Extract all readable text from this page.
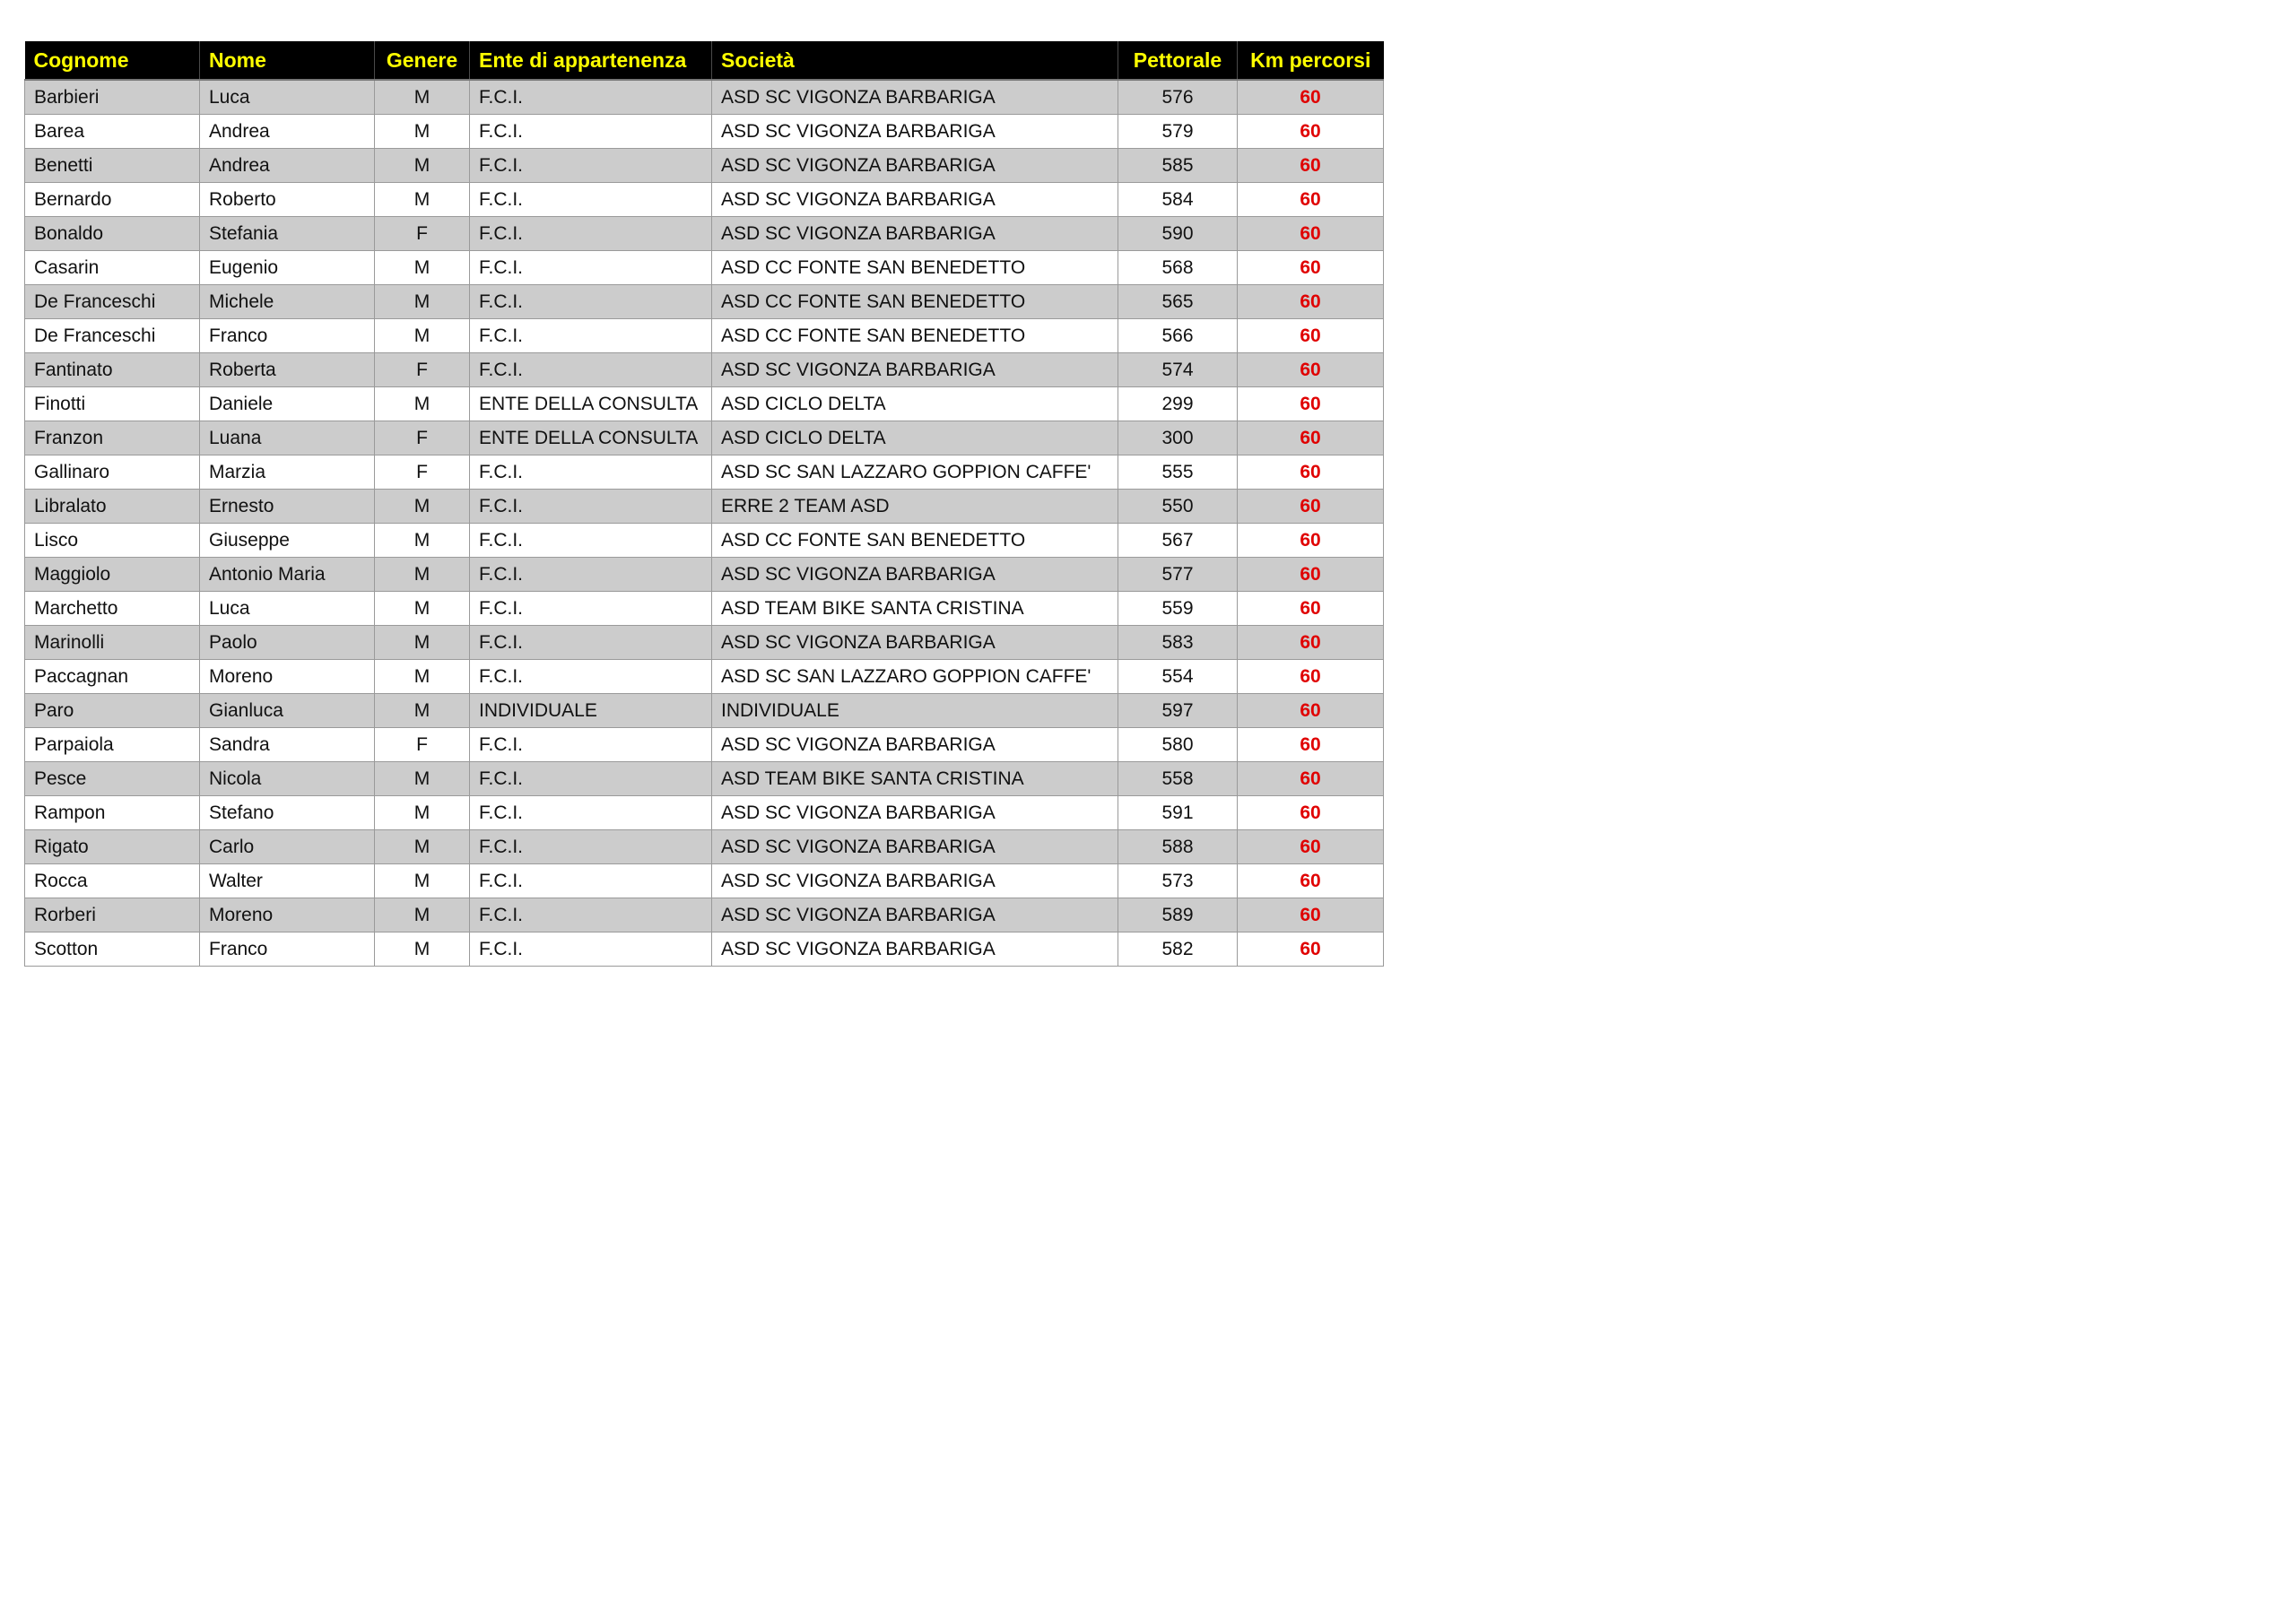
Cognome	Nome	Genere	Ente di appartenenza	Società	Pettorale	Km percorsi
Barbieri	Luca	M	F.C.I.	ASD SC VIGONZA BARBARIGA	576	60
Barea	Andrea	M	F.C.I.	ASD SC VIGONZA BARBARIGA	579	60
Benetti	Andrea	M	F.C.I.	ASD SC VIGONZA BARBARIGA	585	60
Bernardo	Roberto	M	F.C.I.	ASD SC VIGONZA BARBARIGA	584	60
Bonaldo	Stefania	F	F.C.I.	ASD SC VIGONZA BARBARIGA	590	60
Casarin	Eugenio	M	F.C.I.	ASD CC FONTE SAN BENEDETTO	568	60
De Franceschi	Michele	M	F.C.I.	ASD CC FONTE SAN BENEDETTO	565	60
De Franceschi	Franco	M	F.C.I.	ASD CC FONTE SAN BENEDETTO	566	60
Fantinato	Roberta	F	F.C.I.	ASD SC VIGONZA BARBARIGA	574	60
Finotti	Daniele	M	ENTE DELLA CONSULTA	ASD CICLO DELTA	299	60
Franzon	Luana	F	ENTE DELLA CONSULTA	ASD CICLO DELTA	300	60
Gallinaro	Marzia	F	F.C.I.	ASD SC SAN LAZZARO GOPPION CAFFE'	555	60
Libralato	Ernesto	M	F.C.I.	ERRE 2 TEAM ASD	550	60
Lisco	Giuseppe	M	F.C.I.	ASD CC FONTE SAN BENEDETTO	567	60
Maggiolo	Antonio Maria	M	F.C.I.	ASD SC VIGONZA BARBARIGA	577	60
Marchetto	Luca	M	F.C.I.	ASD TEAM BIKE SANTA CRISTINA	559	60
Marinolli	Paolo	M	F.C.I.	ASD SC VIGONZA BARBARIGA	583	60
Paccagnan	Moreno	M	F.C.I.	ASD SC SAN LAZZARO GOPPION CAFFE'	554	60
Paro	Gianluca	M	INDIVIDUALE	INDIVIDUALE	597	60
Parpaiola	Sandra	F	F.C.I.	ASD SC VIGONZA BARBARIGA	580	60
Pesce	Nicola	M	F.C.I.	ASD TEAM BIKE SANTA CRISTINA	558	60
Rampon	Stefano	M	F.C.I.	ASD SC VIGONZA BARBARIGA	591	60
Rigato	Carlo	M	F.C.I.	ASD SC VIGONZA BARBARIGA	588	60
Rocca	Walter	M	F.C.I.	ASD SC VIGONZA BARBARIGA	573	60
Rorberi	Moreno	M	F.C.I.	ASD SC VIGONZA BARBARIGA	589	60
Scotton	Franco	M	F.C.I.	ASD SC VIGONZA BARBARIGA	582	60
